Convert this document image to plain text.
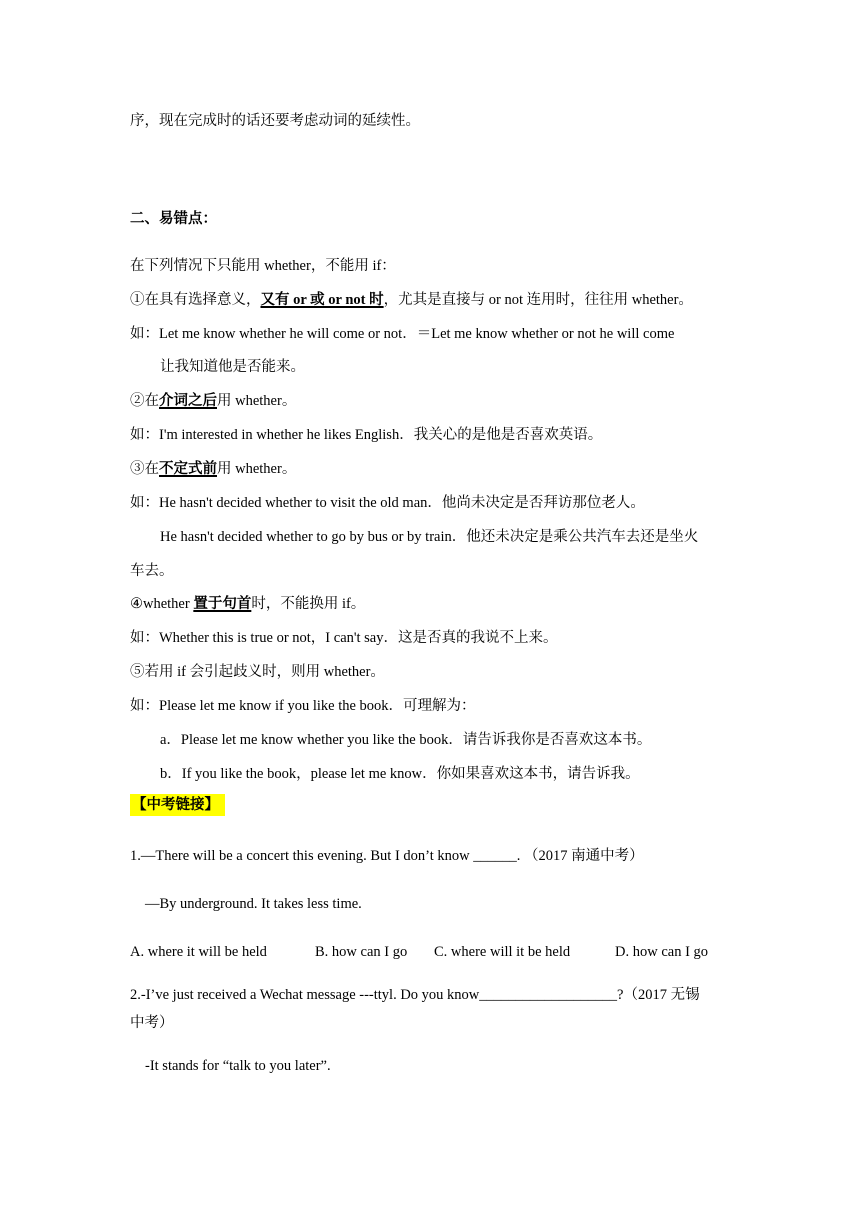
序，现在完成时的话还要考虑动词的延续性。
二、易错点：
在下列情况下只能用 whether，不能用 if：
①在具有选择意义，又有 or 或 or not 时，尤其是直接与 or not 连用时，往往用 whether。
如：Let me know whether he will come or not．＝Let me know whether or not he will come
让我知道他是否能来。
②在介词之后用 whether。
如：I'm interested in whether he likes English．我关心的是他是否喜欢英语。
③在不定式前用 whether。
如：He hasn't decided whether to visit the old man．他尚未决定是否拜访那位老人。
He hasn't decided whether to go by bus or by train．他还未决定是乘公共汽车去还是坐火
车去。
④whether 置于句首时，不能换用 if。
如：Whether this is true or not，I can't say．这是否真的我说不上来。
⑤若用 if 会引起歧义时，则用 whether。
如：Please let me know if you like the book．可理解为：
a．Please let me know whether you like the book．请告诉我你是否喜欢这本书。
b．If you like the book，please let me know．你如果喜欢这本书，请告诉我。
【中考链接】
1.—There will be a concert this evening. But I don’t know ______. （2017 南通中考）
—By underground. It takes less time.
A. where it will be held	B. how can I go C. where will it be held	D. how can I go
2.-I’ve just received a Wechat message ---ttyl. Do you know___________________?（2017 无锡
中考）
-It stands for “talk to you later”.
